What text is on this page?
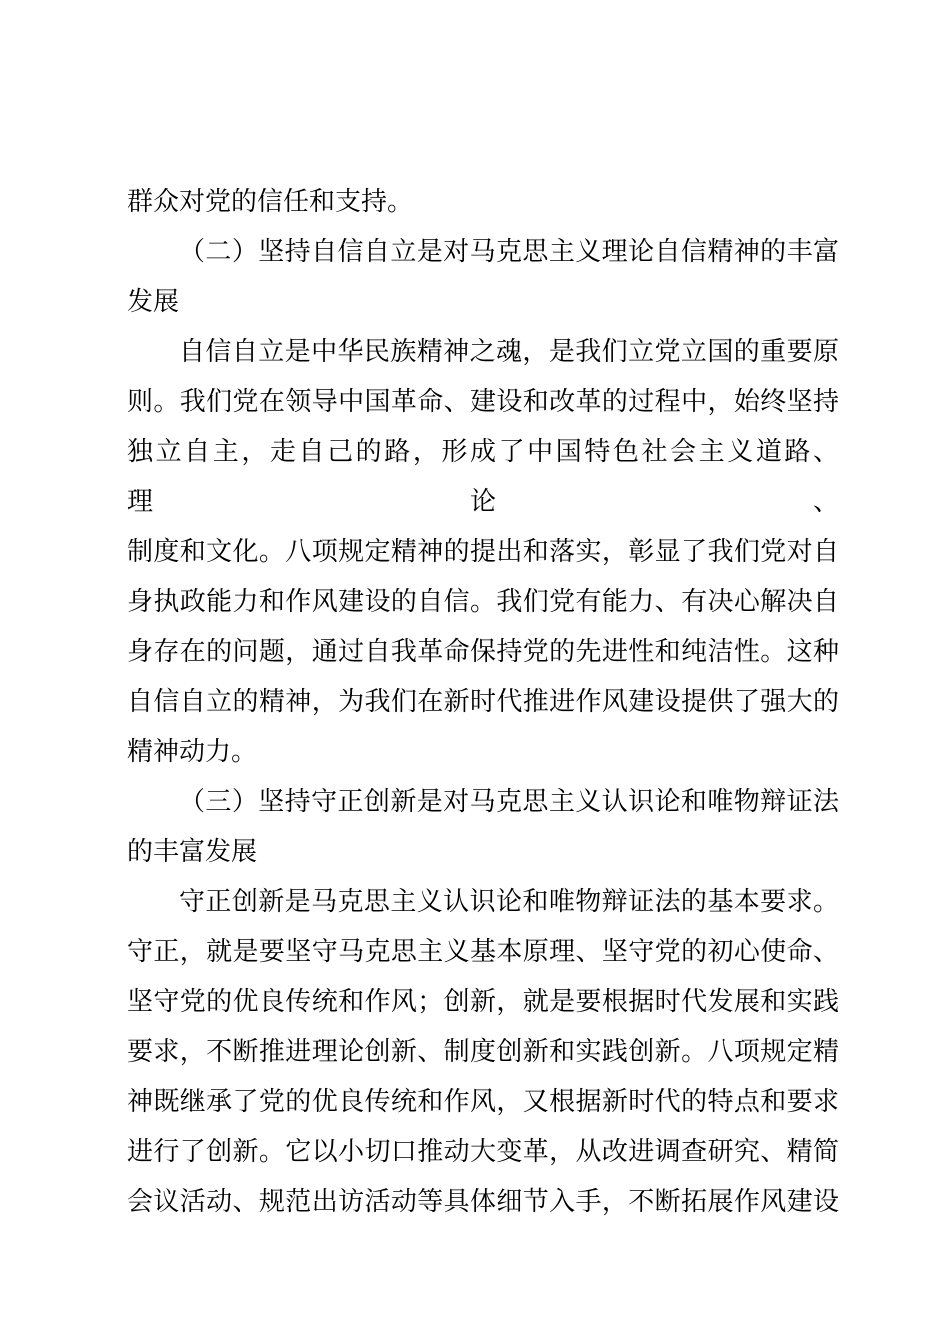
群众对党的信任和支持。
（二）坚持自信自立是对马克思主义理论自信精神的丰富
发展
自信自立是中华民族精神之魂，是我们立党立国的重要原
则。我们党在领导中国革命、建设和改革的过程中，始终坚持
独立自主，走自己的路，形成了中国特色社会主义道路、理论、
制度和文化。八项规定精神的提出和落实，彰显了我们党对自
身执政能力和作风建设的自信。我们党有能力、有决心解决自
身存在的问题，通过自我革命保持党的先进性和纯洁性。这种
自信自立的精神，为我们在新时代推进作风建设提供了强大的
精神动力。
（三）坚持守正创新是对马克思主义认识论和唯物辩证法
的丰富发展
守正创新是马克思主义认识论和唯物辩证法的基本要求。
守正，就是要坚守马克思主义基本原理、坚守党的初心使命、
坚守党的优良传统和作风；创新，就是要根据时代发展和实践
要求，不断推进理论创新、制度创新和实践创新。八项规定精
神既继承了党的优良传统和作风，又根据新时代的特点和要求
进行了创新。它以小切口推动大变革，从改进调查研究、精简
会议活动、规范出访活动等具体细节入手，不断拓展作风建设
